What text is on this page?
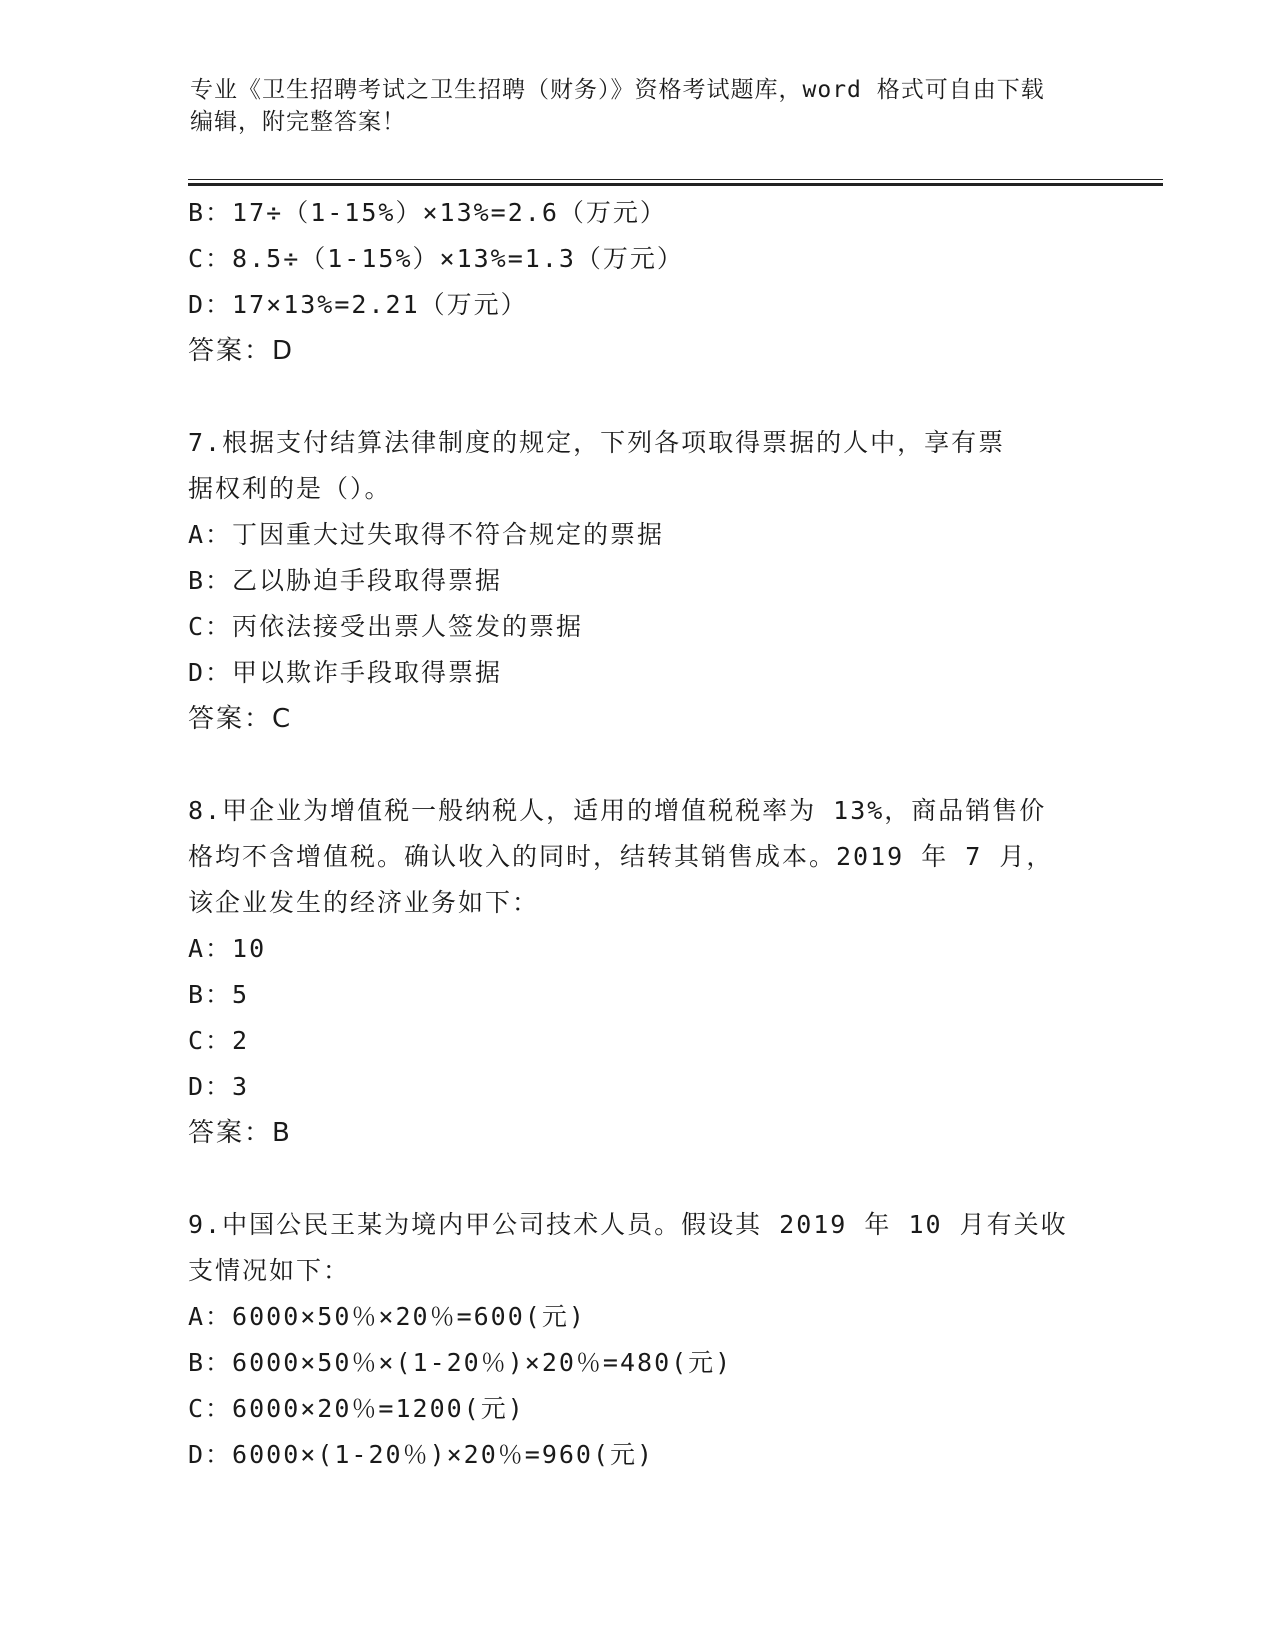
专业《卫生招聘考试之卫生招聘（财务）》资格考试题库，word 格式可自由下载
编辑，附完整答案！
B：17÷（1-15%）×13%=2.6（万元）
C：8.5÷（1-15%）×13%=1.3（万元）
D：17×13%=2.21（万元）
答案：D
7.根据支付结算法律制度的规定，下列各项取得票据的人中，享有票
据权利的是（）。
A：丁因重大过失取得不符合规定的票据
B：乙以胁迫手段取得票据
C：丙依法接受出票人签发的票据
D：甲以欺诈手段取得票据
答案：C
8.甲企业为增值税一般纳税人，适用的增值税税率为 13%，商品销售价
格均不含增值税。确认收入的同时，结转其销售成本。2019 年 7 月，
该企业发生的经济业务如下：
A：10
B：5
C：2
D：3
答案：B
9.中国公民王某为境内甲公司技术人员。假设其 2019 年 10 月有关收
支情况如下：
A：6000×50％×20％=600(元)
B：6000×50％×(1-20％)×20％=480(元)
C：6000×20％=1200(元)
D：6000×(1-20％)×20％=960(元)
